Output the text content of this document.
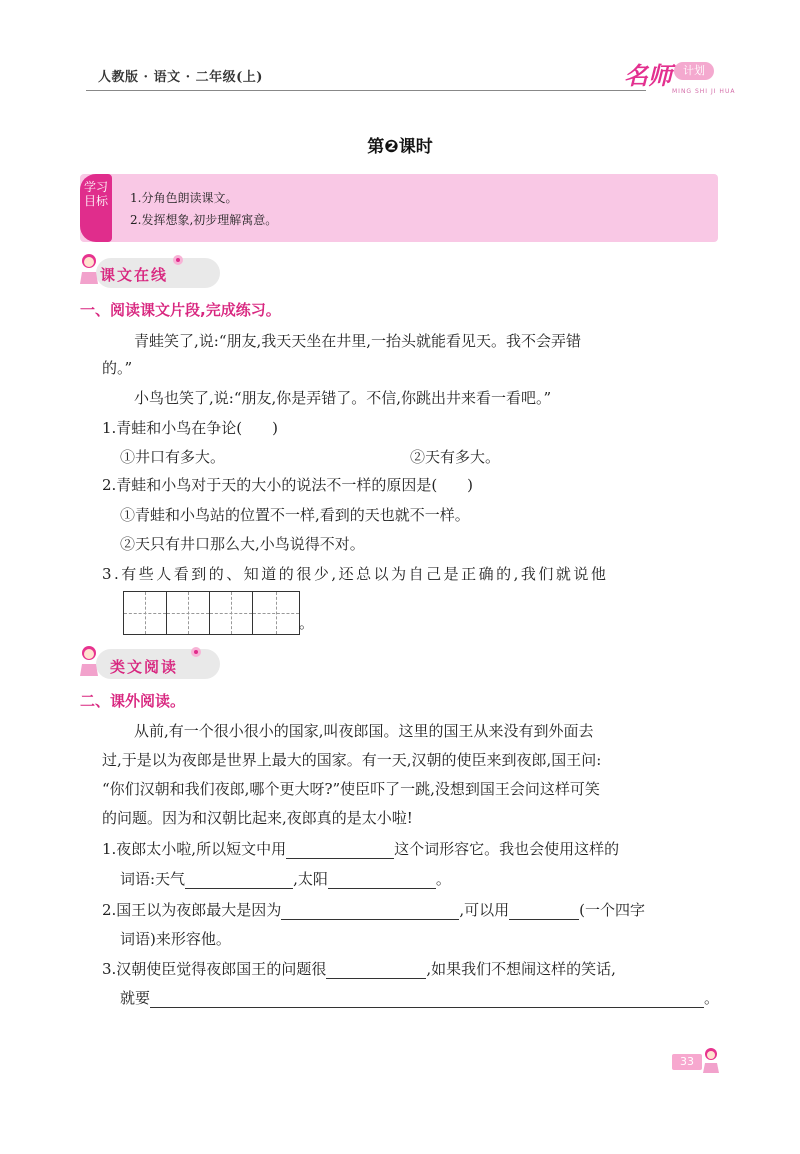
人教版 · 语文 · 二年级(上)	名师	计划
MING SHI JI HUA
第❷课时
学习目标 1.分角色朗读课文。
2.发挥想象,初步理解寓意。
课文在线
一、阅读课文片段,完成练习。
青蛙笑了,说:“朋友,我天天坐在井里,一抬头就能看见天。我不会弄错
的。”
小鸟也笑了,说:“朋友,你是弄错了。不信,你跳出井来看一看吧。”
1.青蛙和小鸟在争论(　　)
①井口有多大。	②天有多大。
2.青蛙和小鸟对于天的大小的说法不一样的原因是(　　)
①青蛙和小鸟站的位置不一样,看到的天也就不一样。
②天只有井口那么大,小鸟说得不对。
3.有些人看到的、知道的很少,还总以为自己是正确的,我们就说他
。
类文阅读
二、课外阅读。
从前,有一个很小很小的国家,叫夜郎国。这里的国王从来没有到外面去
过,于是以为夜郎是世界上最大的国家。有一天,汉朝的使臣来到夜郎,国王问:
“你们汉朝和我们夜郎,哪个更大呀?”使臣吓了一跳,没想到国王会问这样可笑
的问题。因为和汉朝比起来,夜郎真的是太小啦!
1.夜郎太小啦,所以短文中用	这个词形容它。我也会使用这样的
词语:天气	,太阳	。
2.国王以为夜郎最大是因为	,可以用	(一个四字
词语)来形容他。
3.汉朝使臣觉得夜郎国王的问题很	,如果我们不想闹这样的笑话,
就要	。
33
